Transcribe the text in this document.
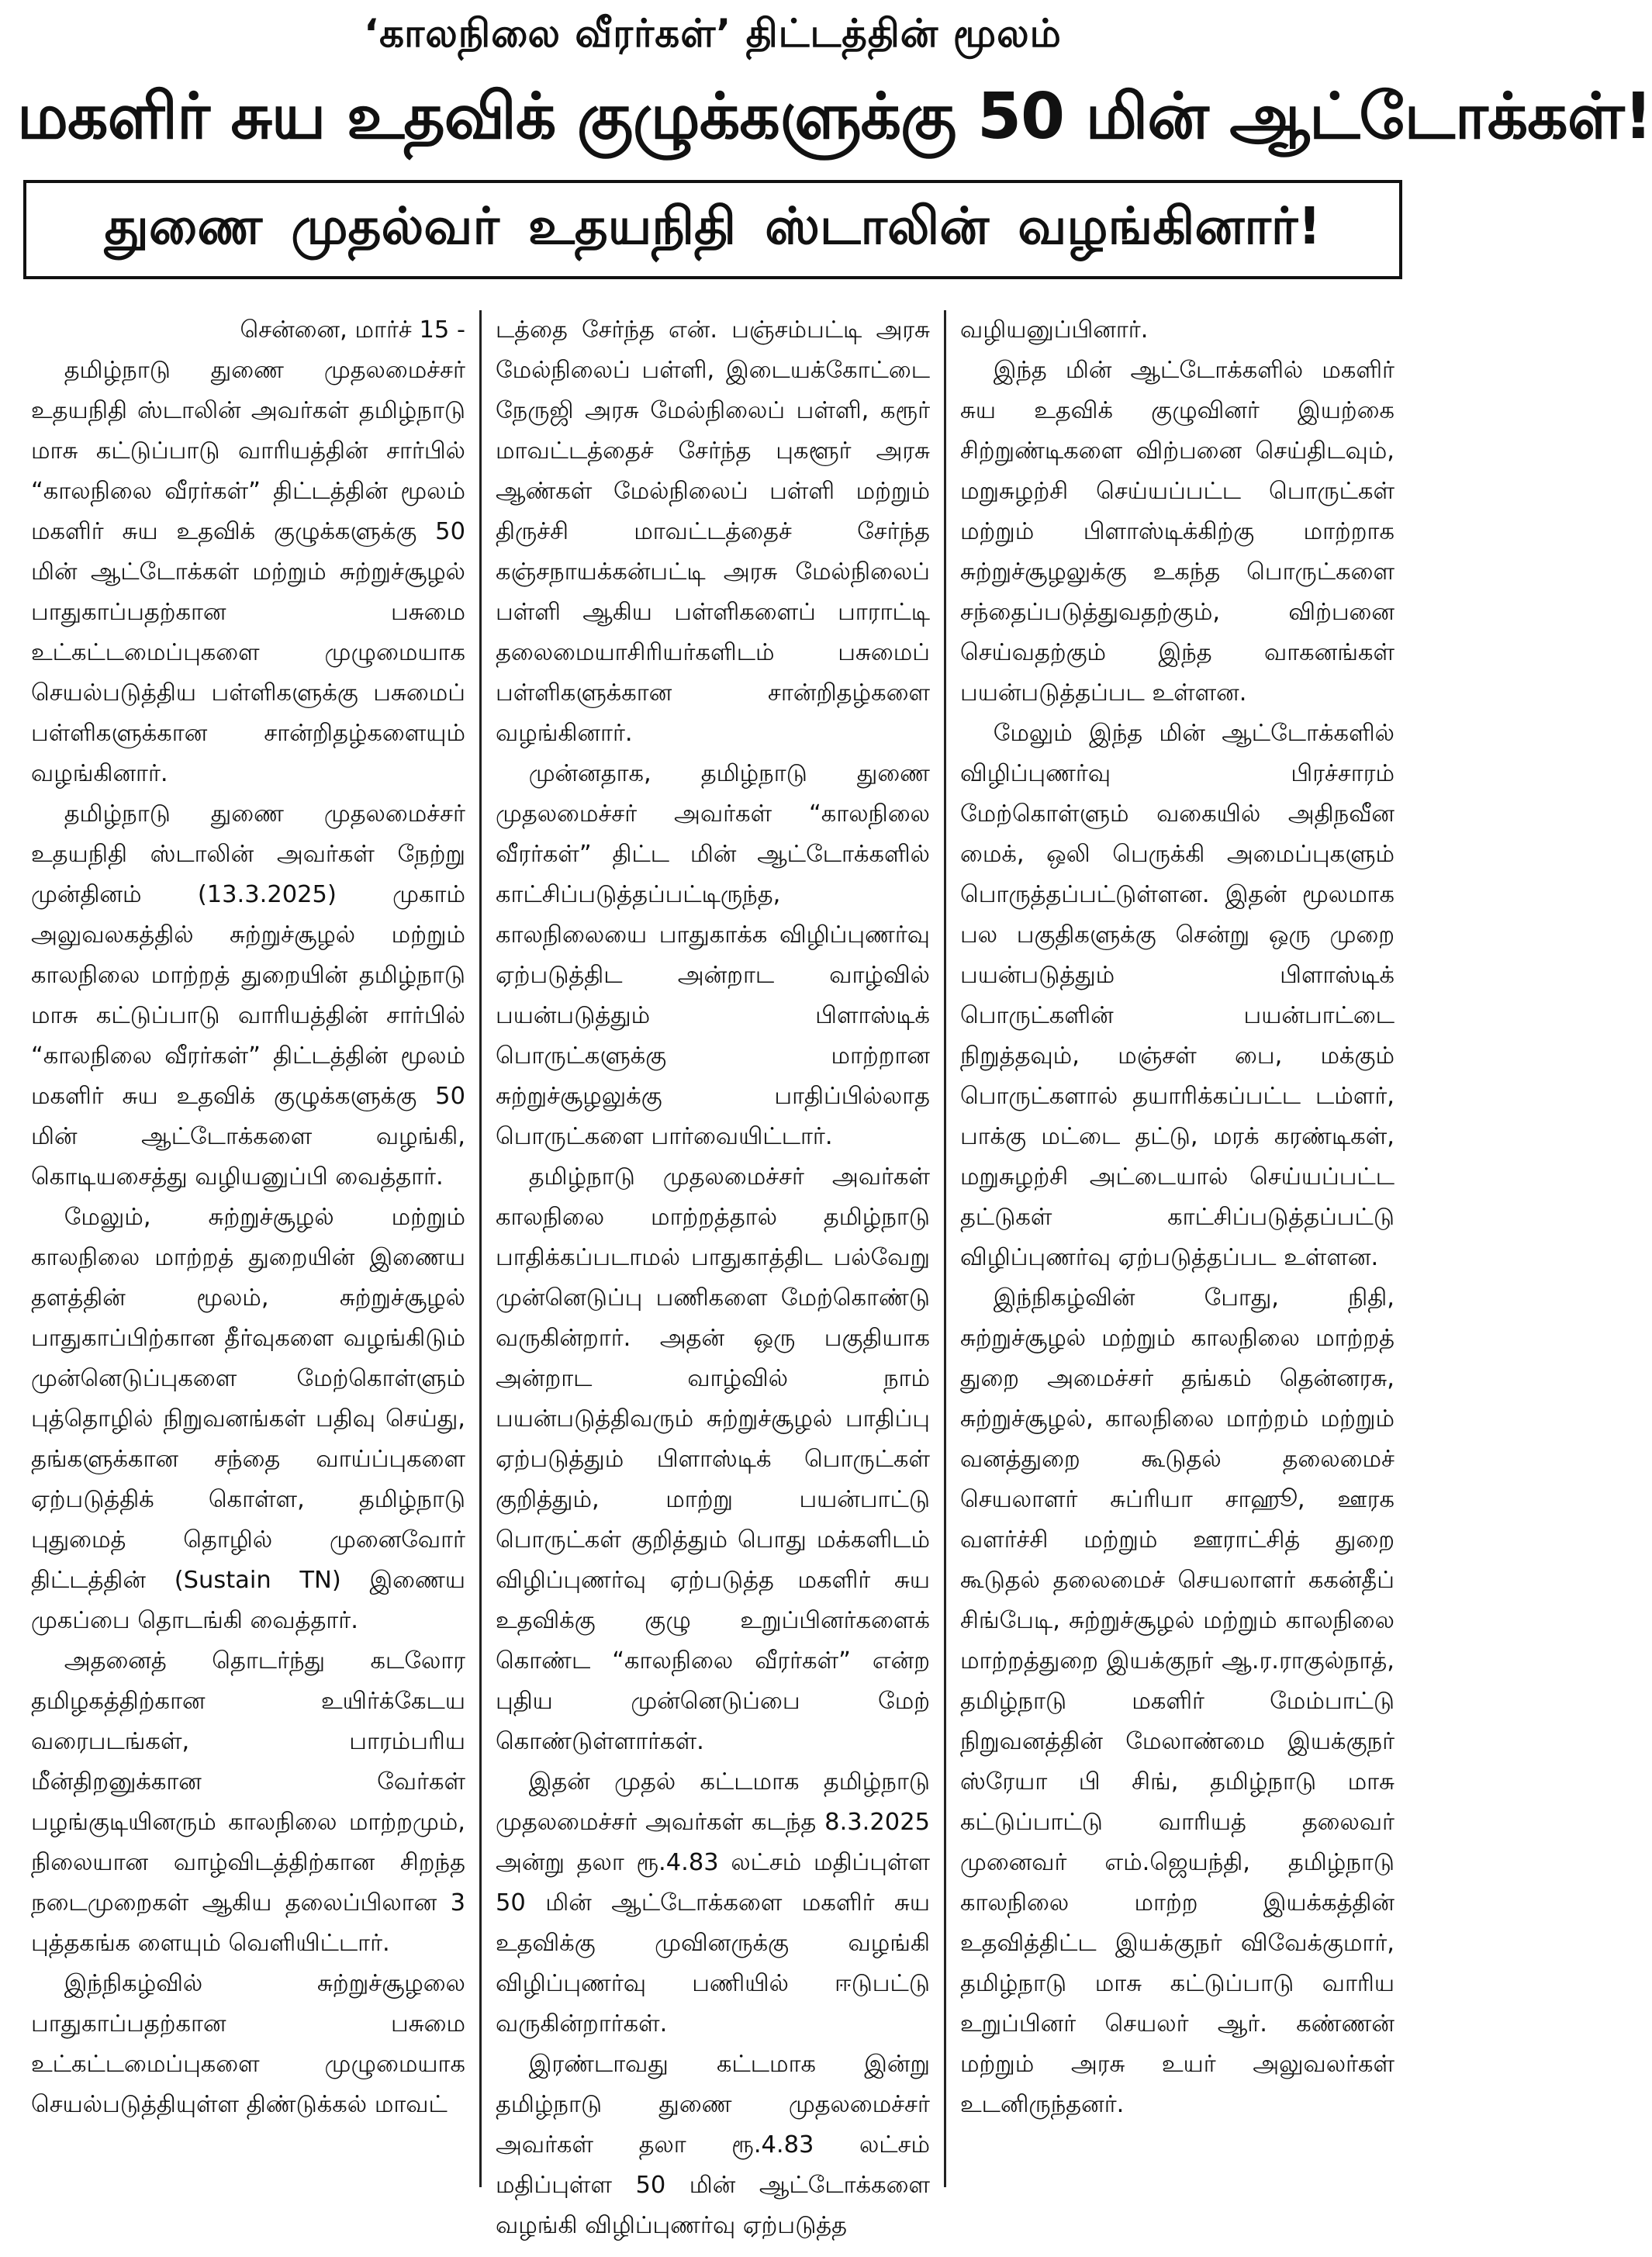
‘காலநிலை வீரர்கள்’ திட்டத்தின் மூலம்
மகளிர் சுய உதவிக் குழுக்களுக்கு 50 மின் ஆட்டோக்கள்!
துணை முதல்வர் உதயநிதி ஸ்டாலின் வழங்கினார்!

சென்னை, மார்ச் 15 -

தமிழ்நாடு துணை முதலமைச்சர் உதயநிதி ஸ்டாலின் அவர்கள் தமிழ்நாடு மாசு கட்டுப்பாடு வாரியத்தின் சார்பில் “காலநிலை வீரர்கள்” திட்டத்தின் மூலம் மகளிர் சுய உதவிக் குழுக்களுக்கு 50 மின் ஆட்டோக்கள் மற்றும் சுற்றுச்சூழல் பாதுகாப்பதற்கான பசுமை உட்கட்டமைப்புகளை முழுமையாக செயல்படுத்திய பள்ளிகளுக்கு பசுமைப் பள்ளிகளுக்கான சான்றிதழ்களையும் வழங்கினார்.

தமிழ்நாடு துணை முதலமைச்சர் உதயநிதி ஸ்டாலின் அவர்கள் நேற்று முன்தினம் (13.3.2025) முகாம் அலுவலகத்தில் சுற்றுச்சூழல் மற்றும் காலநிலை மாற்றத் துறையின் தமிழ்நாடு மாசு கட்டுப்பாடு வாரியத்தின் சார்பில் “காலநிலை வீரர்கள்” திட்டத்தின் மூலம் மகளிர் சுய உதவிக் குழுக்களுக்கு 50 மின் ஆட்டோக்களை வழங்கி, கொடியசைத்து வழியனுப்பி வைத்தார்.

மேலும், சுற்றுச்சூழல் மற்றும் காலநிலை மாற்றத் துறையின் இணைய தளத்தின் மூலம், சுற்றுச்சூழல் பாதுகாப்பிற்கான தீர்வுகளை வழங்கிடும் முன்னெடுப்புகளை மேற்கொள்ளும் புத்தொழில் நிறுவனங்கள் பதிவு செய்து, தங்களுக்கான சந்தை வாய்ப்புகளை ஏற்படுத்திக் கொள்ள, தமிழ்நாடு புதுமைத் தொழில் முனைவோர் திட்டத்தின் (Sustain TN) இணைய முகப்பை தொடங்கி வைத்தார்.

அதனைத் தொடர்ந்து கடலோர தமிழகத்திற்கான உயிர்க்கேடய வரைபடங்கள், பாரம்பரிய மீன்திறனுக்கான வேர்கள் பழங்குடியினரும் காலநிலை மாற்றமும், நிலையான வாழ்விடத்திற்கான சிறந்த நடைமுறைகள் ஆகிய தலைப்பிலான 3 புத்தகங்க ளையும் வெளியிட்டார்.

இந்நிகழ்வில் சுற்றுச்சூழலை பாதுகாப்பதற்கான பசுமை உட்கட்டமைப்புகளை முழுமையாக செயல்படுத்தியுள்ள திண்டுக்கல் மாவட்

டத்தை சேர்ந்த என். பஞ்சம்பட்டி அரசு மேல்நிலைப் பள்ளி, இடையக்கோட்டை நேருஜி அரசு மேல்நிலைப் பள்ளி, கரூர் மாவட்டத்தைச் சேர்ந்த புகளூர் அரசு ஆண்கள் மேல்நிலைப் பள்ளி மற்றும் திருச்சி மாவட்டத்தைச் சேர்ந்த கஞ்சநாயக்கன்பட்டி அரசு மேல்நிலைப் பள்ளி ஆகிய பள்ளிகளைப் பாராட்டி தலைமையாசிரியர்களிடம் பசுமைப் பள்ளிகளுக்கான சான்றிதழ்களை வழங்கினார்.

முன்னதாக, தமிழ்நாடு துணை முதலமைச்சர் அவர்கள் “காலநிலை வீரர்கள்” திட்ட மின் ஆட்டோக்களில் காட்சிப்படுத்தப்பட்டிருந்த, காலநிலையை பாதுகாக்க விழிப்புணர்வு ஏற்படுத்திட அன்றாட வாழ்வில் பயன்படுத்தும் பிளாஸ்டிக் பொருட்களுக்கு மாற்றான சுற்றுச்சூழலுக்கு பாதிப்பில்லாத பொருட்களை பார்வையிட்டார்.

தமிழ்நாடு முதலமைச்சர் அவர்கள் காலநிலை மாற்றத்தால் தமிழ்நாடு பாதிக்கப்படாமல் பாதுகாத்திட பல்வேறு முன்னெடுப்பு பணிகளை மேற்கொண்டு வருகின்றார். அதன் ஒரு பகுதியாக அன்றாட வாழ்வில் நாம் பயன்படுத்திவரும் சுற்றுச்சூழல் பாதிப்பு ஏற்படுத்தும் பிளாஸ்டிக் பொருட்கள் குறித்தும், மாற்று பயன்பாட்டு பொருட்கள் குறித்தும் பொது மக்களிடம் விழிப்புணர்வு ஏற்படுத்த மகளிர் சுய உதவிக்கு குழு உறுப்பினர்களைக் கொண்ட “காலநிலை வீரர்கள்” என்ற புதிய முன்னெடுப்பை மேற் கொண்டுள்ளார்கள்.

இதன் முதல் கட்டமாக தமிழ்நாடு முதலமைச்சர் அவர்கள் கடந்த 8.3.2025 அன்று தலா ரூ.4.83 லட்சம் மதிப்புள்ள 50 மின் ஆட்டோக்களை மகளிர் சுய உதவிக்கு முவினருக்கு வழங்கி விழிப்புணர்வு பணியில் ஈடுபட்டு வருகின்றார்கள்.

இரண்டாவது கட்டமாக இன்று தமிழ்நாடு துணை முதலமைச்சர் அவர்கள் தலா ரூ.4.83 லட்சம் மதிப்புள்ள 50 மின் ஆட்டோக்களை வழங்கி விழிப்புணர்வு ஏற்படுத்த

வழியனுப்பினார்.

இந்த மின் ஆட்டோக்களில் மகளிர் சுய உதவிக் குழுவினர் இயற்கை சிற்றுண்டிகளை விற்பனை செய்திடவும், மறுசுழற்சி செய்யப்பட்ட பொருட்கள் மற்றும் பிளாஸ்டிக்கிற்கு மாற்றாக சுற்றுச்சூழலுக்கு உகந்த பொருட்களை சந்தைப்படுத்துவதற்கும், விற்பனை செய்வதற்கும் இந்த வாகனங்கள் பயன்படுத்தப்பட உள்ளன.

மேலும் இந்த மின் ஆட்டோக்களில் விழிப்புணர்வு பிரச்சாரம் மேற்கொள்ளும் வகையில் அதிநவீன மைக், ஒலி பெருக்கி அமைப்புகளும் பொருத்தப்பட்டுள்ளன. இதன் மூலமாக பல பகுதிகளுக்கு சென்று ஒரு முறை பயன்படுத்தும் பிளாஸ்டிக் பொருட்களின் பயன்பாட்டை நிறுத்தவும், மஞ்சள் பை, மக்கும் பொருட்களால் தயாரிக்கப்பட்ட டம்ளர், பாக்கு மட்டை தட்டு, மரக் கரண்டிகள், மறுசுழற்சி அட்டையால் செய்யப்பட்ட தட்டுகள் காட்சிப்படுத்தப்பட்டு விழிப்புணர்வு ஏற்படுத்தப்பட உள்ளன.

இந்நிகழ்வின் போது, நிதி, சுற்றுச்சூழல் மற்றும் காலநிலை மாற்றத் துறை அமைச்சர் தங்கம் தென்னரசு, சுற்றுச்சூழல், காலநிலை மாற்றம் மற்றும் வனத்துறை கூடுதல் தலைமைச் செயலாளர் சுப்ரியா சாஹூ, ஊரக வளர்ச்சி மற்றும் ஊராட்சித் துறை கூடுதல் தலைமைச் செயலாளர் ககன்தீப் சிங்பேடி, சுற்றுச்சூழல் மற்றும் காலநிலை மாற்றத்துறை இயக்குநர் ஆ.ர.ராகுல்நாத், தமிழ்நாடு மகளிர் மேம்பாட்டு நிறுவனத்தின் மேலாண்மை இயக்குநர் ஸ்ரேயா பி சிங், தமிழ்நாடு மாசு கட்டுப்பாட்டு வாரியத் தலைவர் முனைவர் எம்.ஜெயந்தி, தமிழ்நாடு காலநிலை மாற்ற இயக்கத்தின் உதவித்திட்ட இயக்குநர் விவேக்குமார், தமிழ்நாடு மாசு கட்டுப்பாடு வாரிய உறுப்பினர் செயலர் ஆர். கண்ணன் மற்றும் அரசு உயர் அலுவலர்கள் உடனிருந்தனர்.
